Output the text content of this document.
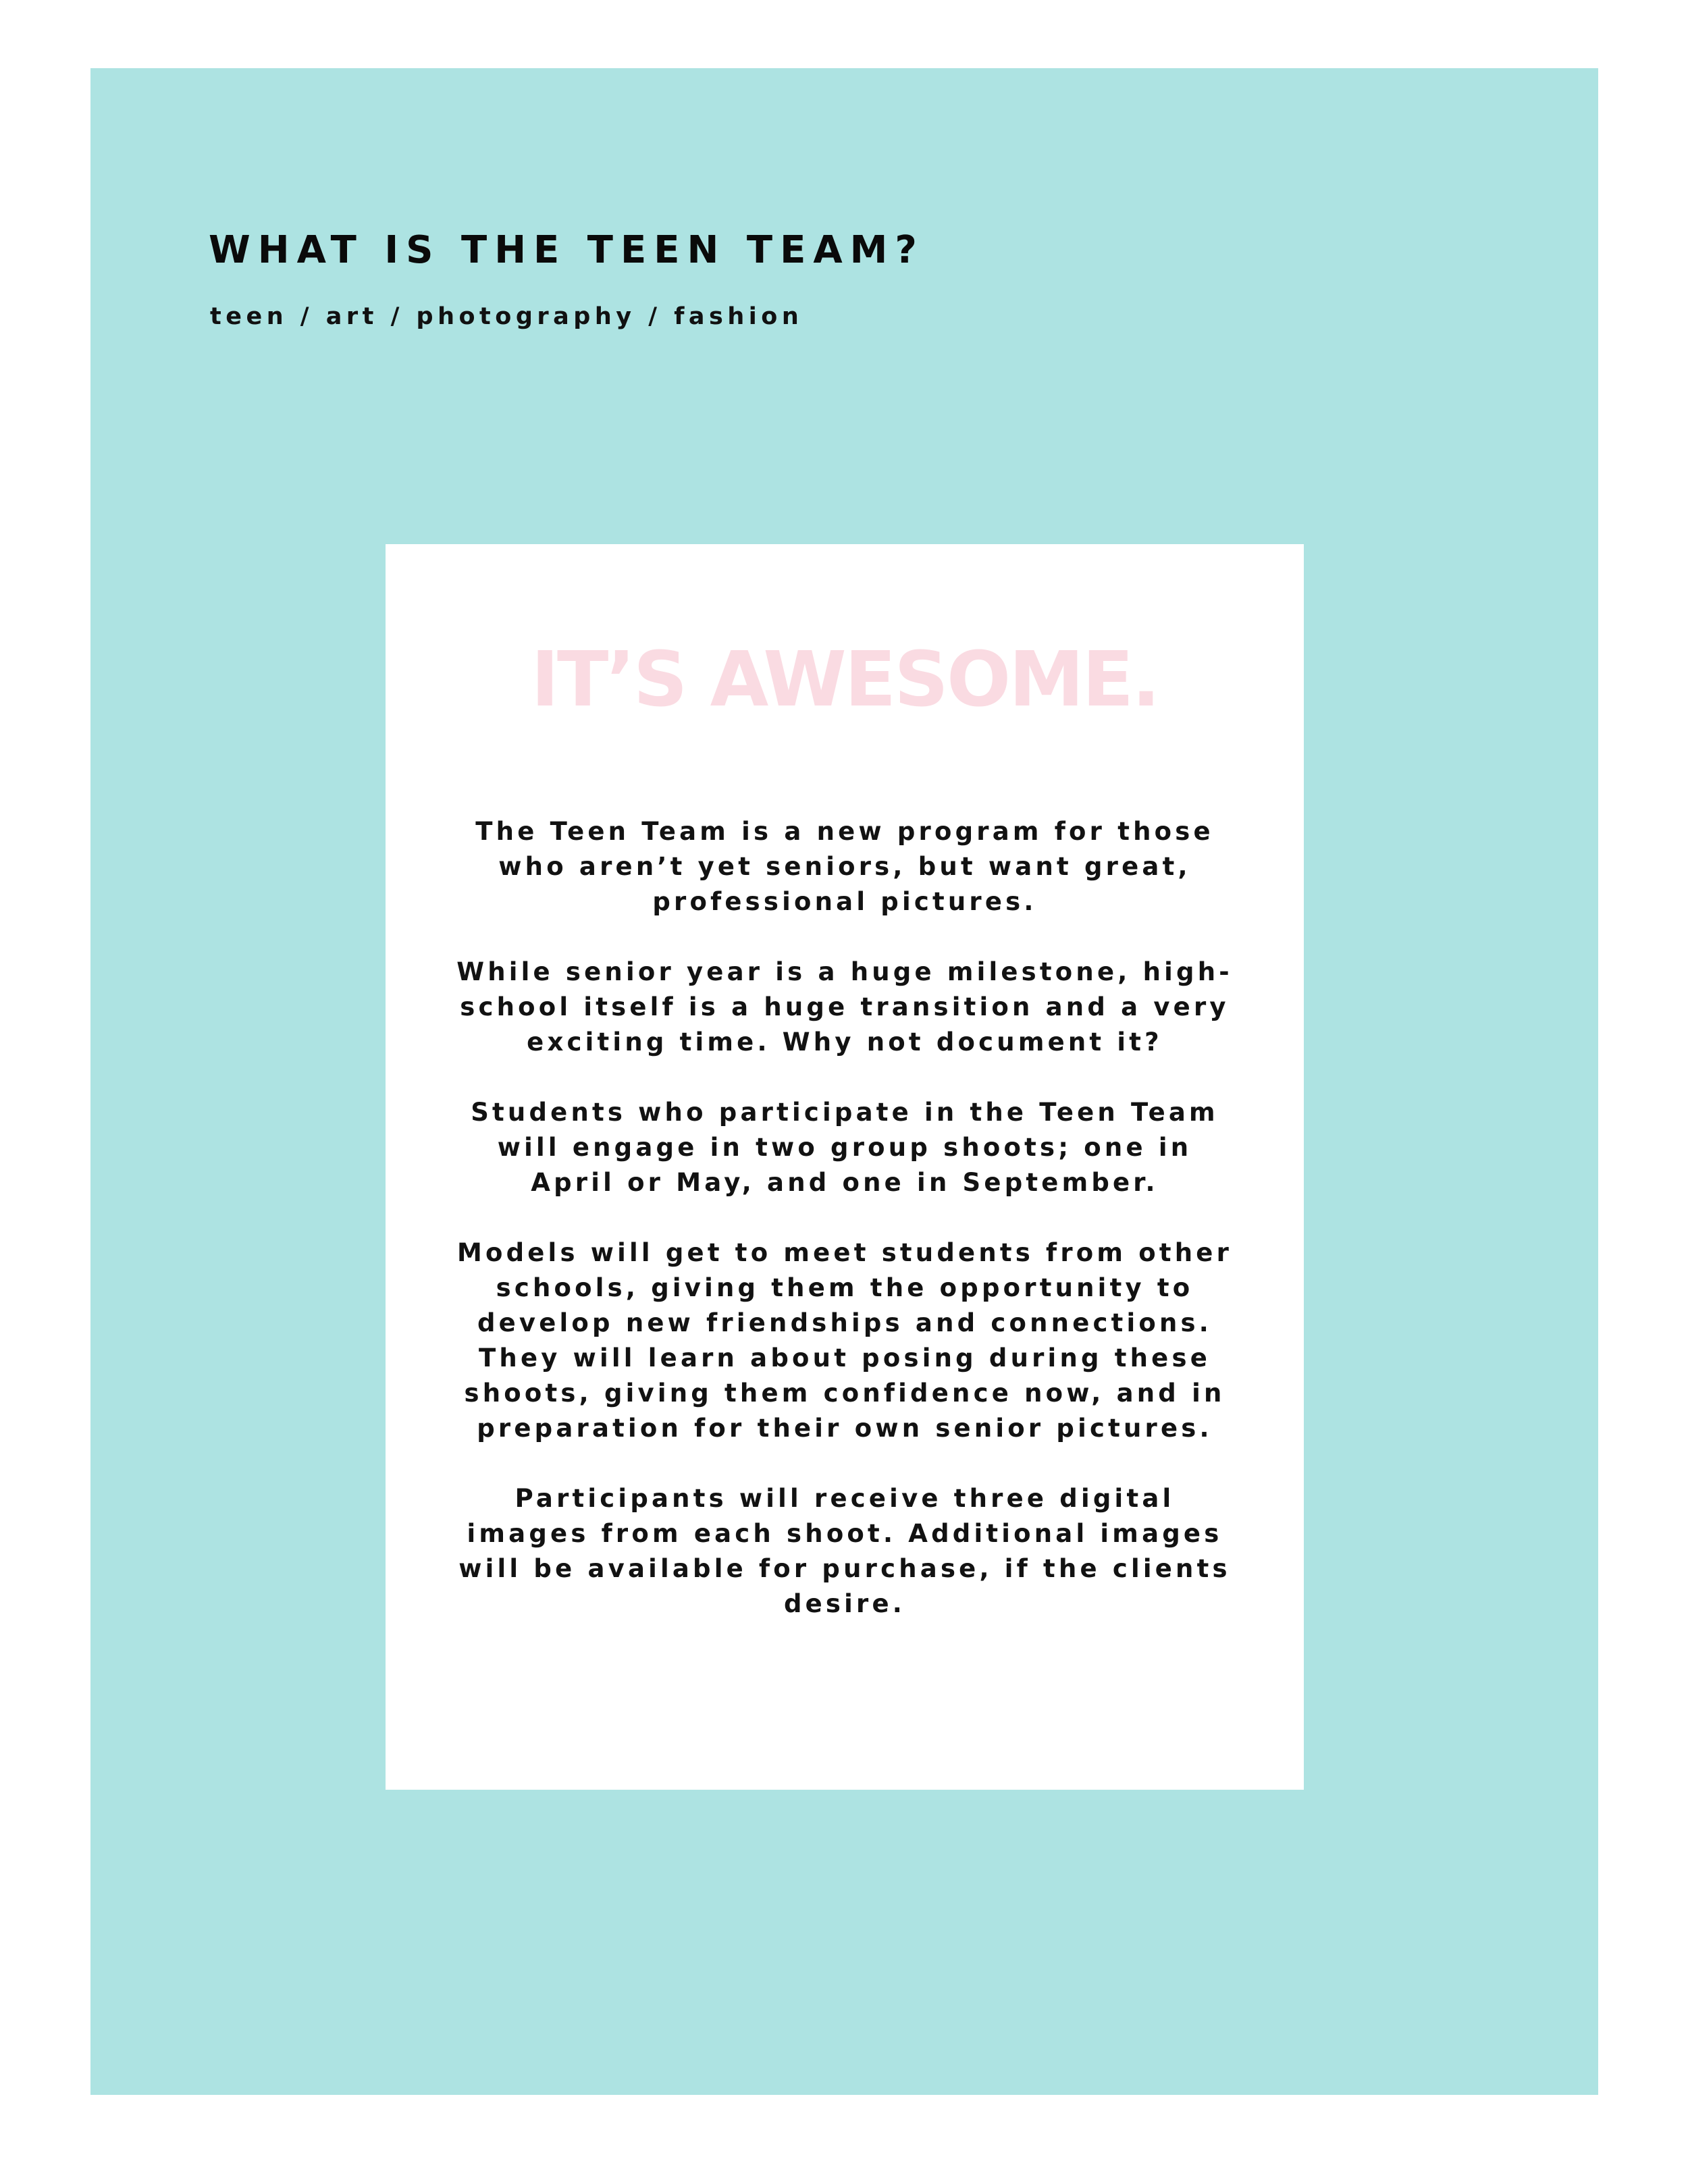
WHAT IS THE TEEN TEAM?

teen / art / photography / fashion

IT’S AWESOME.

The Teen Team is a new program for those who aren’t yet seniors, but want great, professional pictures.

While senior year is a huge milestone, high-school itself is a huge transition and a very exciting time. Why not document it?

Students who participate in the Teen Team will engage in two group shoots; one in April or May, and one in September.

Models will get to meet students from other schools, giving them the opportunity to develop new friendships and connections. They will learn about posing during these shoots, giving them confidence now, and in preparation for their own senior pictures.

Participants will receive three digital images from each shoot. Additional images will be available for purchase, if the clients desire.
